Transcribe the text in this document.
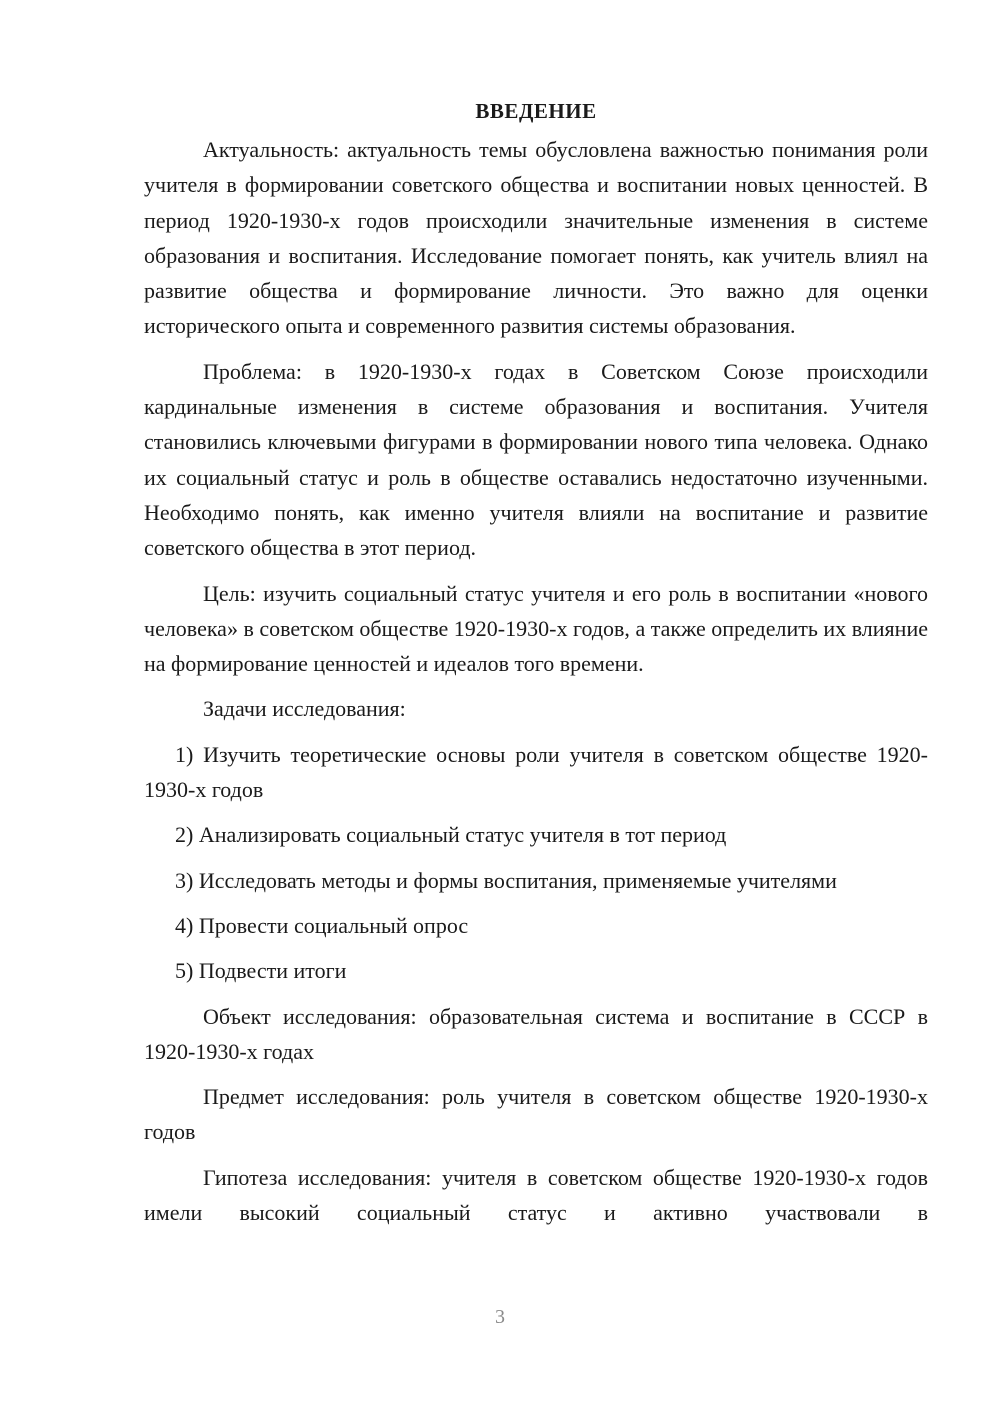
ВВЕДЕНИЕ

Актуальность: актуальность темы обусловлена важностью понимания роли учителя в формировании советского общества и воспитании новых ценностей. В период 1920-1930-х годов происходили значительные изменения в системе образования и воспитания. Исследование помогает понять, как учитель влиял на развитие общества и формирование личности. Это важно для оценки исторического опыта и современного развития системы образования.

Проблема: в 1920-1930-х годах в Советском Союзе происходили кардинальные изменения в системе образования и воспитания. Учителя становились ключевыми фигурами в формировании нового типа человека. Однако их социальный статус и роль в обществе оставались недостаточно изученными. Необходимо понять, как именно учителя влияли на воспитание и развитие советского общества в этот период.

Цель: изучить социальный статус учителя и его роль в воспитании «нового человека» в советском обществе 1920-1930-х годов, а также определить их влияние на формирование ценностей и идеалов того времени.

Задачи исследования:

1) Изучить теоретические основы роли учителя в советском обществе 1920-1930-х годов

2) Анализировать социальный статус учителя в тот период

3) Исследовать методы и формы воспитания, применяемые учителями

4) Провести социальный опрос

5) Подвести итоги

Объект исследования: образовательная система и воспитание в СССР в 1920-1930-х годах

Предмет исследования: роль учителя в советском обществе 1920-1930-х годов

Гипотеза исследования: учителя в советском обществе 1920-1930-х годов имели высокий социальный статус и активно участвовали в

3
